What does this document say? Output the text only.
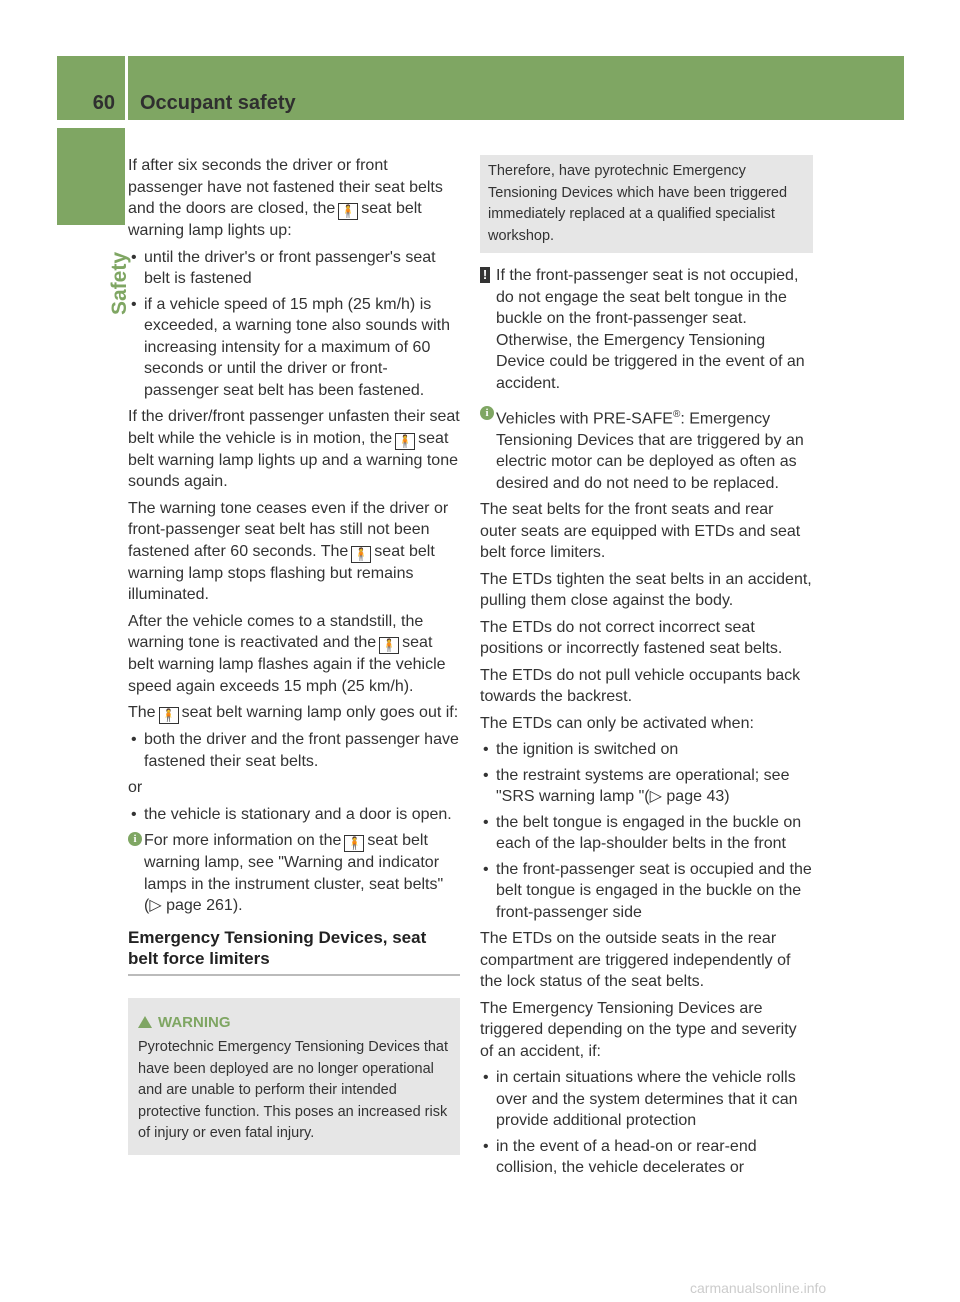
60 Occupant safety
Safety

If after six seconds the driver or front passenger have not fastened their seat belts and the doors are closed, the 🧍 seat belt warning lamp lights up:

• until the driver's or front passenger's seat belt is fastened
• if a vehicle speed of 15 mph (25 km/h) is exceeded, a warning tone also sounds with increasing intensity for a maximum of 60 seconds or until the driver or front-passenger seat belt has been fastened.

If the driver/front passenger unfasten their seat belt while the vehicle is in motion, the 🧍 seat belt warning lamp lights up and a warning tone sounds again.

The warning tone ceases even if the driver or front-passenger seat belt has still not been fastened after 60 seconds. The 🧍 seat belt warning lamp stops flashing but remains illuminated.

After the vehicle comes to a standstill, the warning tone is reactivated and the 🧍 seat belt warning lamp flashes again if the vehicle speed again exceeds 15 mph (25 km/h).

The 🧍 seat belt warning lamp only goes out if:

• both the driver and the front passenger have fastened their seat belts.

or

• the vehicle is stationary and a door is open.
i For more information on the 🧍 seat belt warning lamp, see "Warning and indicator lamps in the instrument cluster, seat belts" (▷ page 261).
Emergency Tensioning Devices, seat belt force limiters
WARNING
Pyrotechnic Emergency Tensioning Devices that have been deployed are no longer operational and are unable to perform their intended protective function. This poses an increased risk of injury or even fatal injury.
Therefore, have pyrotechnic Emergency Tensioning Devices which have been triggered immediately replaced at a qualified specialist workshop.
! If the front-passenger seat is not occupied, do not engage the seat belt tongue in the buckle on the front-passenger seat. Otherwise, the Emergency Tensioning Device could be triggered in the event of an accident.
i Vehicles with PRE-SAFE®: Emergency Tensioning Devices that are triggered by an electric motor can be deployed as often as desired and do not need to be replaced.

The seat belts for the front seats and rear outer seats are equipped with ETDs and seat belt force limiters.

The ETDs tighten the seat belts in an accident, pulling them close against the body.

The ETDs do not correct incorrect seat positions or incorrectly fastened seat belts.

The ETDs do not pull vehicle occupants back towards the backrest.

The ETDs can only be activated when:

• the ignition is switched on
• the restraint systems are operational; see "SRS warning lamp "(▷ page 43)
• the belt tongue is engaged in the buckle on each of the lap-shoulder belts in the front
• the front-passenger seat is occupied and the belt tongue is engaged in the buckle on the front-passenger side

The ETDs on the outside seats in the rear compartment are triggered independently of the lock status of the seat belts.

The Emergency Tensioning Devices are triggered depending on the type and severity of an accident, if:

• in certain situations where the vehicle rolls over and the system determines that it can provide additional protection
• in the event of a head-on or rear-end collision, the vehicle decelerates or
carmanualsonline.info
